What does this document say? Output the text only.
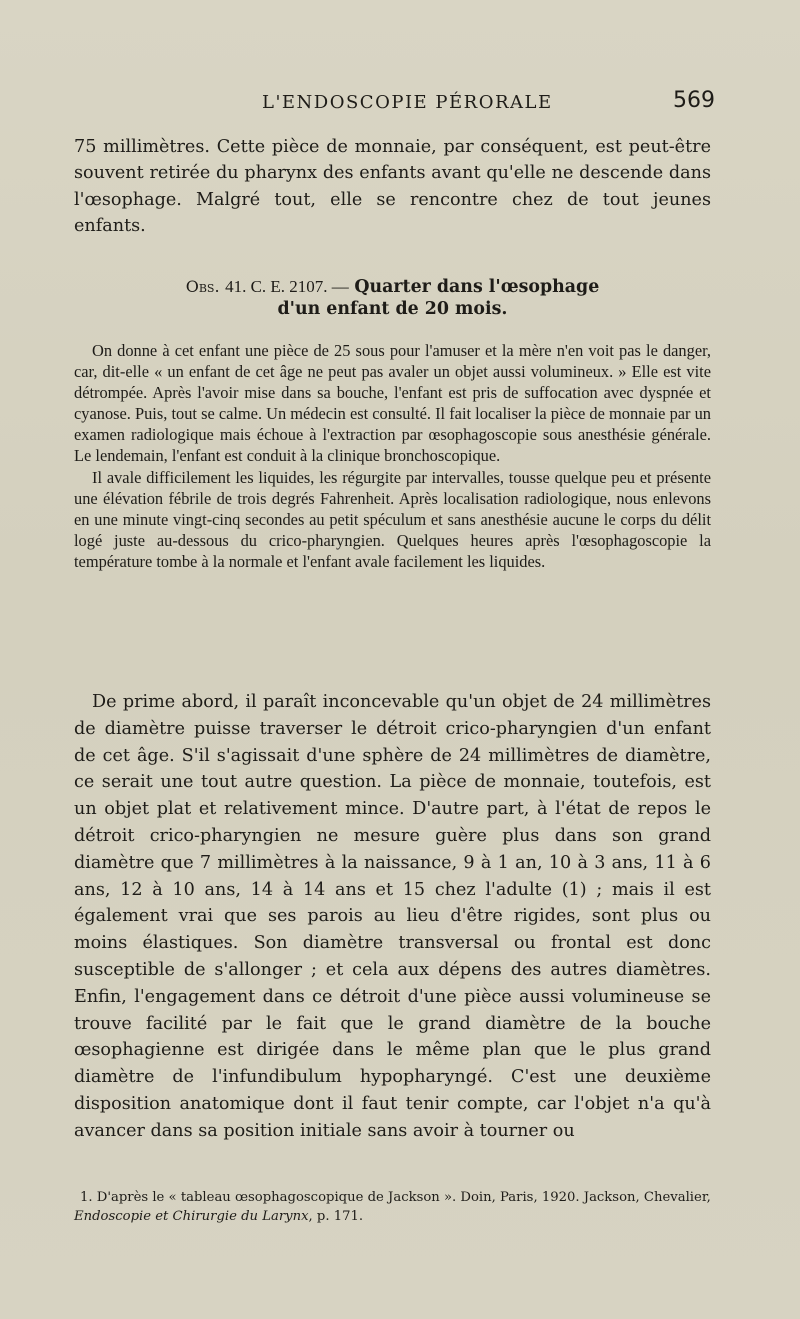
L'ENDOSCOPIE PÉRORALE	569

75 millimètres. Cette pièce de monnaie, par conséquent, est peut-être souvent retirée du pharynx des enfants avant qu'elle ne descende dans l'œsophage. Malgré tout, elle se rencontre chez de tout jeunes enfants.

Obs. 41. C. E. 2107. — Quarter dans l'œsophage
d'un enfant de 20 mois.

On donne à cet enfant une pièce de 25 sous pour l'amuser et la mère n'en voit pas le danger, car, dit-elle « un enfant de cet âge ne peut pas avaler un objet aussi volumineux. » Elle est vite détrompée. Après l'avoir mise dans sa bouche, l'enfant est pris de suffocation avec dyspnée et cyanose. Puis, tout se calme. Un médecin est consulté. Il fait localiser la pièce de monnaie par un examen radiologique mais échoue à l'extraction par œsophagoscopie sous anesthésie générale. Le lendemain, l'enfant est conduit à la clinique bronchoscopique.

Il avale difficilement les liquides, les régurgite par intervalles, tousse quelque peu et présente une élévation fébrile de trois degrés Fahrenheit. Après localisation radiologique, nous enlevons en une minute vingt-cinq secondes au petit spéculum et sans anesthésie aucune le corps du délit logé juste au-dessous du crico-pharyngien. Quelques heures après l'œsophagoscopie la température tombe à la normale et l'enfant avale facilement les liquides.

De prime abord, il paraît inconcevable qu'un objet de 24 millimètres de diamètre puisse traverser le détroit crico-pharyngien d'un enfant de cet âge. S'il s'agissait d'une sphère de 24 millimètres de diamètre, ce serait une tout autre question. La pièce de monnaie, toutefois, est un objet plat et relativement mince. D'autre part, à l'état de repos le détroit crico-pharyngien ne mesure guère plus dans son grand diamètre que 7 millimètres à la naissance, 9 à 1 an, 10 à 3 ans, 11 à 6 ans, 12 à 10 ans, 14 à 14 ans et 15 chez l'adulte (1) ; mais il est également vrai que ses parois au lieu d'être rigides, sont plus ou moins élastiques. Son diamètre transversal ou frontal est donc susceptible de s'allonger ; et cela aux dépens des autres diamètres. Enfin, l'engagement dans ce détroit d'une pièce aussi volumineuse se trouve facilité par le fait que le grand diamètre de la bouche œsophagienne est dirigée dans le même plan que le plus grand diamètre de l'infundibulum hypopharyngé. C'est une deuxième disposition anatomique dont il faut tenir compte, car l'objet n'a qu'à avancer dans sa position initiale sans avoir à tourner ou

1. D'après le « tableau œsophagoscopique de Jackson ». Doin, Paris, 1920. Jackson, Chevalier, Endoscopie et Chirurgie du Larynx, p. 171.
